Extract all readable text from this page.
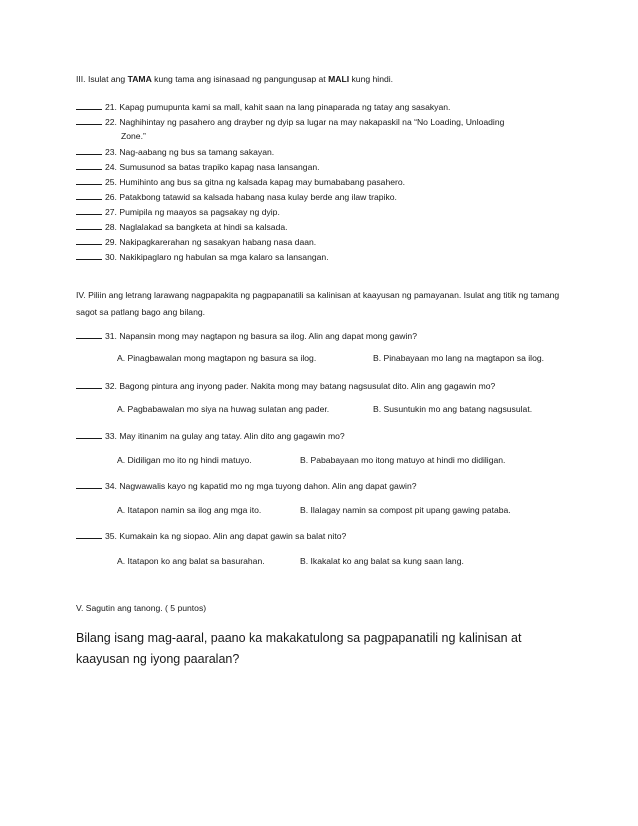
III. Isulat ang TAMA kung tama ang isinasaad ng pangungusap at MALI kung hindi.
21. Kapag pumupunta kami sa mall, kahit saan na lang pinaparada ng tatay ang sasakyan.
22. Naghihintay ng pasahero ang drayber ng dyip sa lugar na may nakapaskil na “No Loading, Unloading
Zone.”
23. Nag-aabang ng bus sa tamang sakayan.
24. Sumusunod sa batas trapiko kapag nasa lansangan.
25. Humihinto ang bus sa gitna ng kalsada kapag may bumababang pasahero.
26. Patakbong tatawid sa kalsada habang nasa kulay berde ang ilaw trapiko.
27. Pumipila ng maayos sa pagsakay ng dyip.
28. Naglalakad sa bangketa at hindi sa kalsada.
29. Nakipagkarerahan ng sasakyan habang nasa daan.
30. Nakikipaglaro ng habulan sa mga kalaro sa lansangan.
IV. Piliin ang letrang larawang nagpapakita ng pagpapanatili sa kalinisan at kaayusan ng pamayanan. Isulat ang titik ng tamang sagot sa patlang bago ang bilang.
31. Napansin mong may nagtapon ng basura sa ilog. Alin ang dapat mong gawin?
A. Pinagbawalan mong magtapon ng basura sa ilog.	B. Pinabayaan mo lang na magtapon sa ilog.
32. Bagong pintura ang inyong pader. Nakita mong may batang nagsusulat dito. Alin ang gagawin mo?
A. Pagbabawalan mo siya na huwag sulatan ang pader.	B. Susuntukin mo ang batang nagsusulat.
33. May itinanim na gulay ang tatay. Alin dito ang gagawin mo?
A. Didiligan mo ito ng hindi matuyo.	B. Pababayaan mo itong matuyo at hindi mo didiligan.
34. Nagwawalis kayo ng kapatid mo ng mga tuyong dahon. Alin ang dapat gawin?
A. Itatapon namin sa ilog ang mga ito.	B. Ilalagay namin sa compost pit upang gawing pataba.
35. Kumakain ka ng siopao. Alin ang dapat gawin sa balat nito?
A. Itatapon ko ang balat sa basurahan.	B. Ikakalat ko ang balat sa kung saan lang.
V. Sagutin ang tanong. ( 5 puntos)
Bilang isang mag-aaral, paano ka makakatulong sa pagpapanatili ng kalinisan at kaayusan ng iyong paaralan?
